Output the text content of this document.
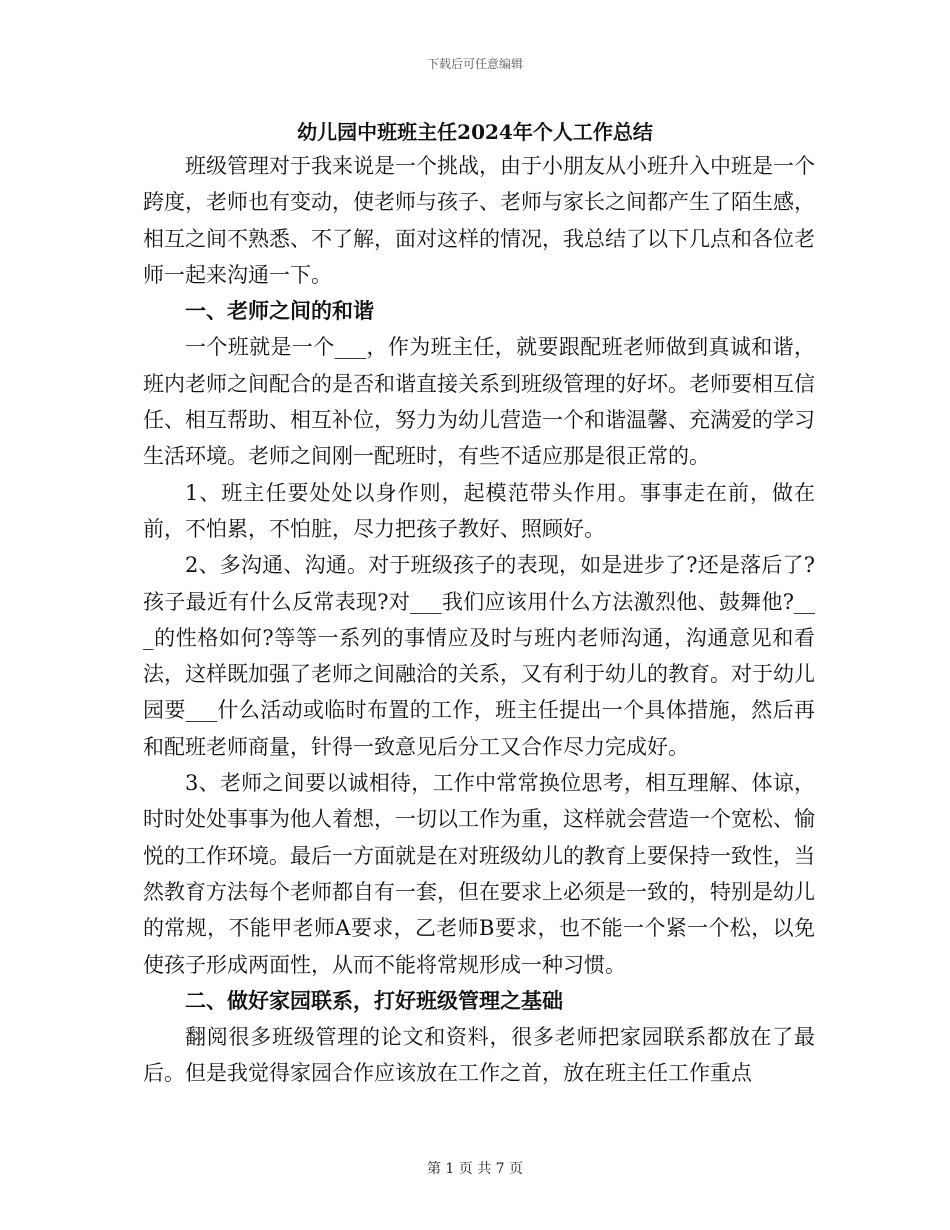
下载后可任意编辑
幼儿园中班班主任2024年个人工作总结

班级管理对于我来说是一个挑战，由于小朋友从小班升入中班是一个跨度，老师也有变动，使老师与孩子、老师与家长之间都产生了陌生感，相互之间不熟悉、不了解，面对这样的情况，我总结了以下几点和各位老师一起来沟通一下。

一、老师之间的和谐

一个班就是一个___，作为班主任，就要跟配班老师做到真诚和谐，班内老师之间配合的是否和谐直接关系到班级管理的好坏。老师要相互信任、相互帮助、相互补位，努力为幼儿营造一个和谐温馨、充满爱的学习生活环境。老师之间刚一配班时，有些不适应那是很正常的。

1、班主任要处处以身作则，起模范带头作用。事事走在前，做在前，不怕累，不怕脏，尽力把孩子教好、照顾好。

2、多沟通、沟通。对于班级孩子的表现，如是进步了?还是落后了?孩子最近有什么反常表现?对___我们应该用什么方法激烈他、鼓舞他?___的性格如何?等等一系列的事情应及时与班内老师沟通，沟通意见和看法，这样既加强了老师之间融洽的关系，又有利于幼儿的教育。对于幼儿园要___什么活动或临时布置的工作，班主任提出一个具体措施，然后再和配班老师商量，针得一致意见后分工又合作尽力完成好。

3、老师之间要以诚相待，工作中常常换位思考，相互理解、体谅，时时处处事事为他人着想，一切以工作为重，这样就会营造一个宽松、愉悦的工作环境。最后一方面就是在对班级幼儿的教育上要保持一致性，当然教育方法每个老师都自有一套，但在要求上必须是一致的，特别是幼儿的常规，不能甲老师A要求，乙老师B要求，也不能一个紧一个松，以免使孩子形成两面性，从而不能将常规形成一种习惯。

二、做好家园联系，打好班级管理之基础

翻阅很多班级管理的论文和资料，很多老师把家园联系都放在了最后。但是我觉得家园合作应该放在工作之首，放在班主任工作重点

第 1 页 共 7 页
